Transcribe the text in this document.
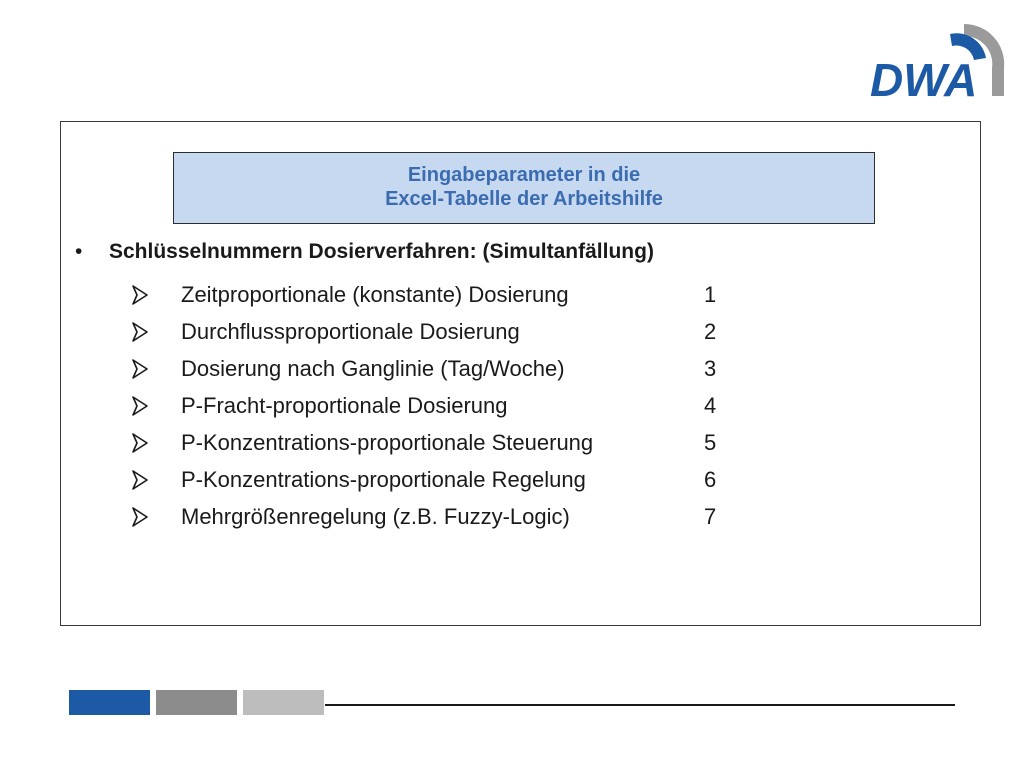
DWA
Eingabeparameter in die
Excel-Tabelle der Arbeitshilfe
• Schlüsselnummern Dosierverfahren: (Simultanfällung)
Zeitproportionale (konstante) Dosierung	1
Durchflussproportionale Dosierung	2
Dosierung nach Ganglinie (Tag/Woche)	3
P-Fracht-proportionale Dosierung	4
P-Konzentrations-proportionale Steuerung	5
P-Konzentrations-proportionale Regelung	6
Mehrgrößenregelung (z.B. Fuzzy-Logic)	7
